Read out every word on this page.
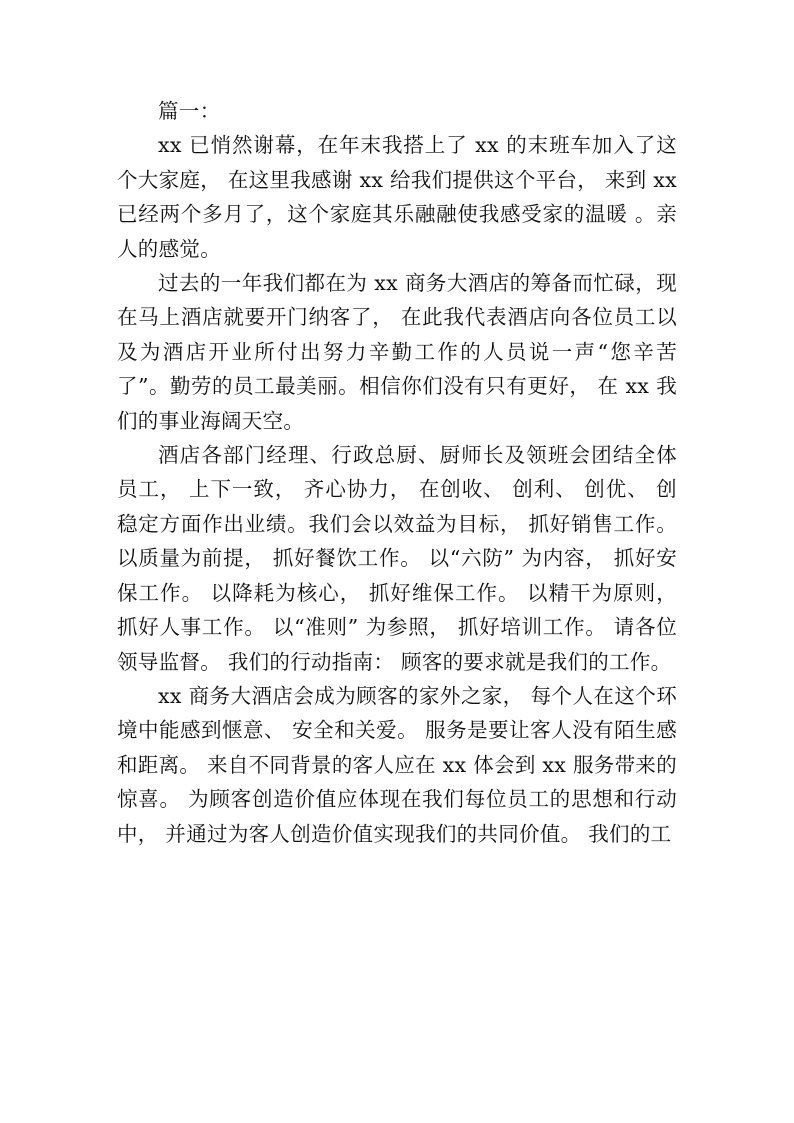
篇一：

xx 已悄然谢幕，在年末我搭上了 xx 的末班车加入了这个大家庭， 在这里我感谢 xx 给我们提供这个平台， 来到 xx 已经两个多月了，这个家庭其乐融融使我感受家的温暖 。亲人的感觉。

过去的一年我们都在为 xx 商务大酒店的筹备而忙碌，现在马上酒店就要开门纳客了， 在此我代表酒店向各位员工以及为酒店开业所付出努力辛勤工作的人员说一声“您辛苦了”。勤劳的员工最美丽。相信你们没有只有更好， 在 xx 我们的事业海阔天空。

酒店各部门经理、行政总厨、厨师长及领班会团结全体员工， 上下一致， 齐心协力， 在创收、 创利、 创优、 创稳定方面作出业绩。我们会以效益为目标， 抓好销售工作。 以质量为前提， 抓好餐饮工作。 以“六防” 为内容， 抓好安保工作。 以降耗为核心， 抓好维保工作。 以精干为原则， 抓好人事工作。 以“准则” 为参照， 抓好培训工作。 请各位领导监督。 我们的行动指南： 顾客的要求就是我们的工作。

xx 商务大酒店会成为顾客的家外之家， 每个人在这个环境中能感到惬意、 安全和关爱。 服务是要让客人没有陌生感和距离。 来自不同背景的客人应在 xx 体会到 xx 服务带来的惊喜。 为顾客创造价值应体现在我们每位员工的思想和行动中， 并通过为客人创造价值实现我们的共同价值。 我们的工
